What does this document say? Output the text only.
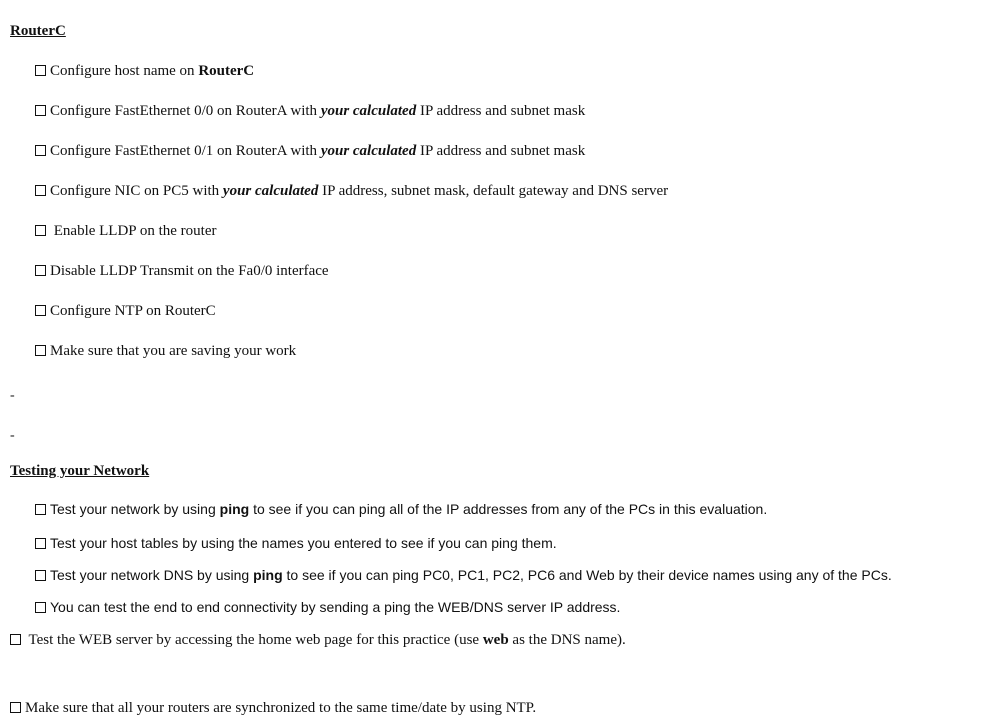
RouterC
Configure host name on RouterC
Configure FastEthernet 0/0 on RouterA with your calculated IP address and subnet mask
Configure FastEthernet 0/1 on RouterA with your calculated IP address and subnet mask
Configure NIC on PC5 with your calculated IP address, subnet mask, default gateway and DNS server
Enable LLDP on the router
Disable LLDP Transmit on the Fa0/0 interface
Configure NTP on RouterC
Make sure that you are saving your work
-
-
Testing your Network
Test your network by using ping to see if you can ping all of the IP addresses from any of the PCs in this evaluation.
Test your host tables by using the names you entered to see if you can ping them.
Test your network DNS by using ping to see if you can ping PC0, PC1, PC2, PC6 and Web by their device names using any of the PCs.
You can test the end to end connectivity by sending a ping the WEB/DNS server IP address.
Test the WEB server by accessing the home web page for this practice (use web as the DNS name).
Make sure that all your routers are synchronized to the same time/date by using NTP.
